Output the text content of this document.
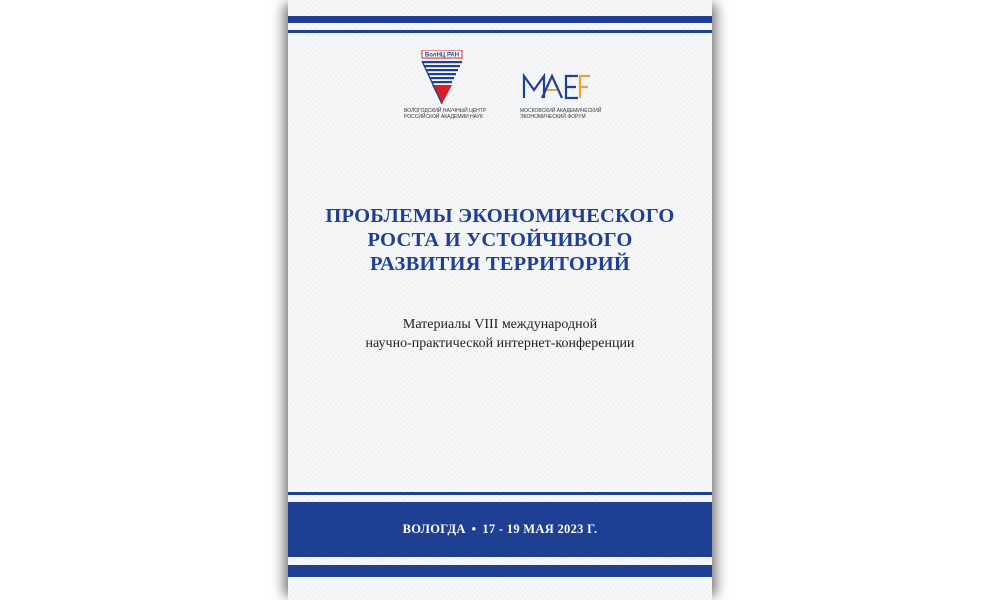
ВолНЦ РАН
ВОЛОГОДСКИЙ НАУЧНЫЙ ЦЕНТР
РОССИЙСКОЙ АКАДЕМИИ НАУК
МОСКОВСКИЙ АКАДЕМИЧЕСКИЙ
ЭКОНОМИЧЕСКИЙ ФОРУМ
ПРОБЛЕМЫ ЭКОНОМИЧЕСКОГО
РОСТА И УСТОЙЧИВОГО
РАЗВИТИЯ ТЕРРИТОРИЙ
Материалы VIII международной
научно-практической интернет-конференции
ВОЛОГДА • 17 - 19 МАЯ 2023 Г.
